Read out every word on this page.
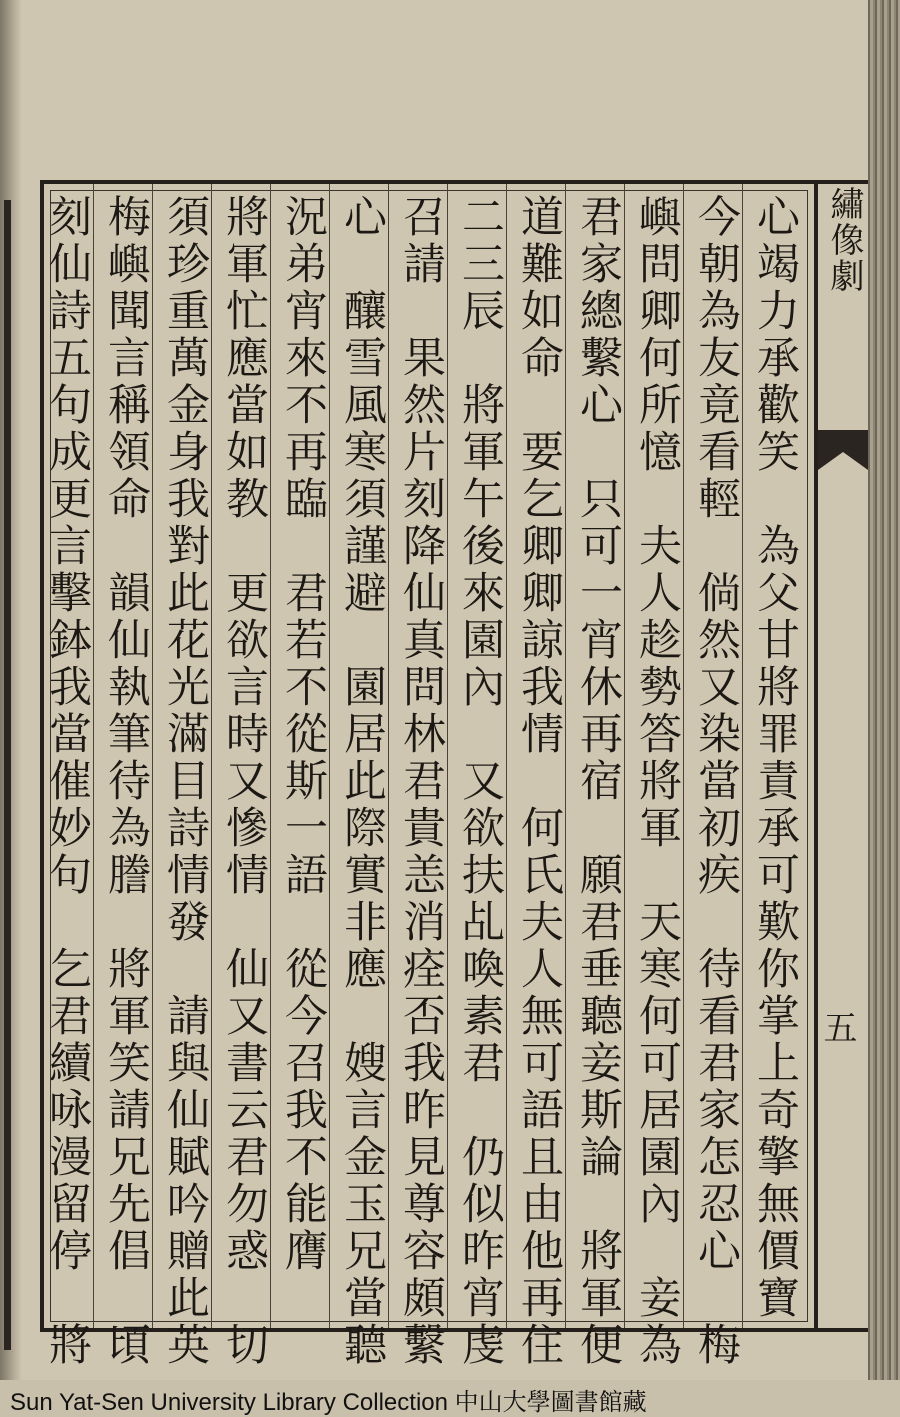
心竭力承歡笑　為父甘將罪責承可歎你掌上奇擎無價寶
今朝為友竟看輕　倘然又染當初疾　待看君家怎忍心　梅
嶼問卿何所憶　夫人趁勢答將軍　天寒何可居園內　妾為
君家總繫心　只可一宵休再宿　願君垂聽妾斯論　將軍便
道難如命　要乞卿卿諒我情　何氏夫人無可語且由他再住
二三辰　將軍午後來園內　又欲扶乩喚素君　仍似昨宵虔
召請　果然片刻降仙真問林君貴恙消痊否我昨見尊容頗繫
心　釀雪風寒須謹避　園居此際實非應　嫂言金玉兄當聽
況弟宵來不再臨　君若不從斯一語　從今召我不能膺
將軍忙應當如教　更欲言時又慘情　仙又書云君勿惑　切
須珍重萬金身我對此花光滿目詩情發　請與仙賦吟贈此英
梅嶼聞言稱領命　韻仙執筆待為謄　將軍笑請兄先倡　頃
刻仙詩五句成更言擊鉢我當催妙句　乞君續咏漫留停　將	繡像劇
五
Sun Yat-Sen University Library Collection 中山大學圖書館藏
